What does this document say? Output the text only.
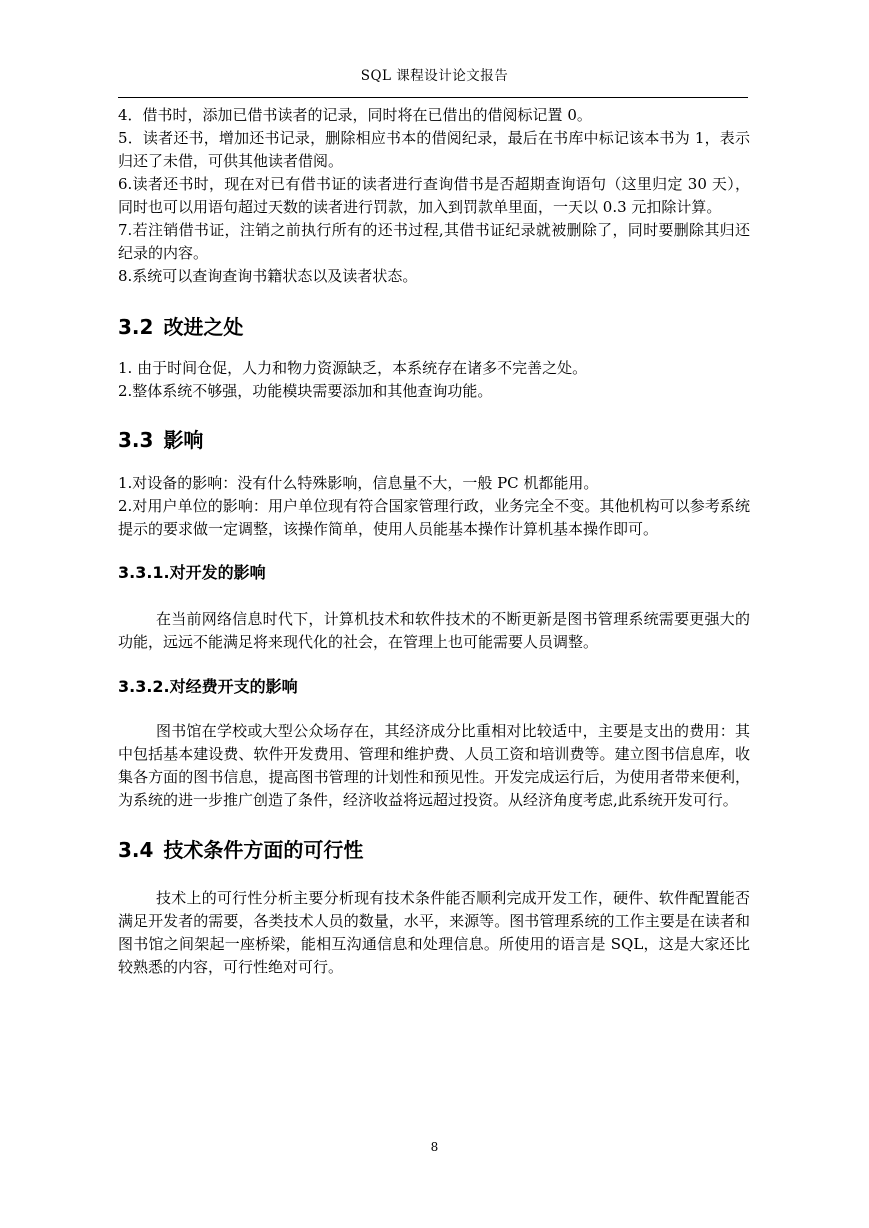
SQL 课程设计论文报告

4．借书时，添加已借书读者的记录，同时将在已借出的借阅标记置 0。

5．读者还书，增加还书记录，删除相应书本的借阅纪录，最后在书库中标记该本书为 1，表示归还了未借，可供其他读者借阅。

6.读者还书时，现在对已有借书证的读者进行查询借书是否超期查询语句（这里归定 30 天），同时也可以用语句超过天数的读者进行罚款，加入到罚款单里面，一天以 0.3 元扣除计算。

7.若注销借书证，注销之前执行所有的还书过程,其借书证纪录就被删除了，同时要删除其归还纪录的内容。

8.系统可以查询查询书籍状态以及读者状态。

3.2 改进之处

1. 由于时间仓促，人力和物力资源缺乏，本系统存在诸多不完善之处。

2.整体系统不够强，功能模块需要添加和其他查询功能。

3.3 影响

1.对设备的影响：没有什么特殊影响，信息量不大，一般 PC 机都能用。

2.对用户单位的影响：用户单位现有符合国家管理行政，业务完全不变。其他机构可以参考系统提示的要求做一定调整，该操作简单，使用人员能基本操作计算机基本操作即可。

3.3.1.对开发的影响

在当前网络信息时代下，计算机技术和软件技术的不断更新是图书管理系统需要更强大的功能，远远不能满足将来现代化的社会，在管理上也可能需要人员调整。

3.3.2.对经费开支的影响

图书馆在学校或大型公众场存在，其经济成分比重相对比较适中，主要是支出的费用：其中包括基本建设费、软件开发费用、管理和维护费、人员工资和培训费等。建立图书信息库，收集各方面的图书信息，提高图书管理的计划性和预见性。开发完成运行后，为使用者带来便利，为系统的进一步推广创造了条件，经济收益将远超过投资。从经济角度考虑,此系统开发可行。

3.4 技术条件方面的可行性

技术上的可行性分析主要分析现有技术条件能否顺利完成开发工作，硬件、软件配置能否满足开发者的需要，各类技术人员的数量，水平，来源等。图书管理系统的工作主要是在读者和图书馆之间架起一座桥梁，能相互沟通信息和处理信息。所使用的语言是 SQL，这是大家还比较熟悉的内容，可行性绝对可行。

8
